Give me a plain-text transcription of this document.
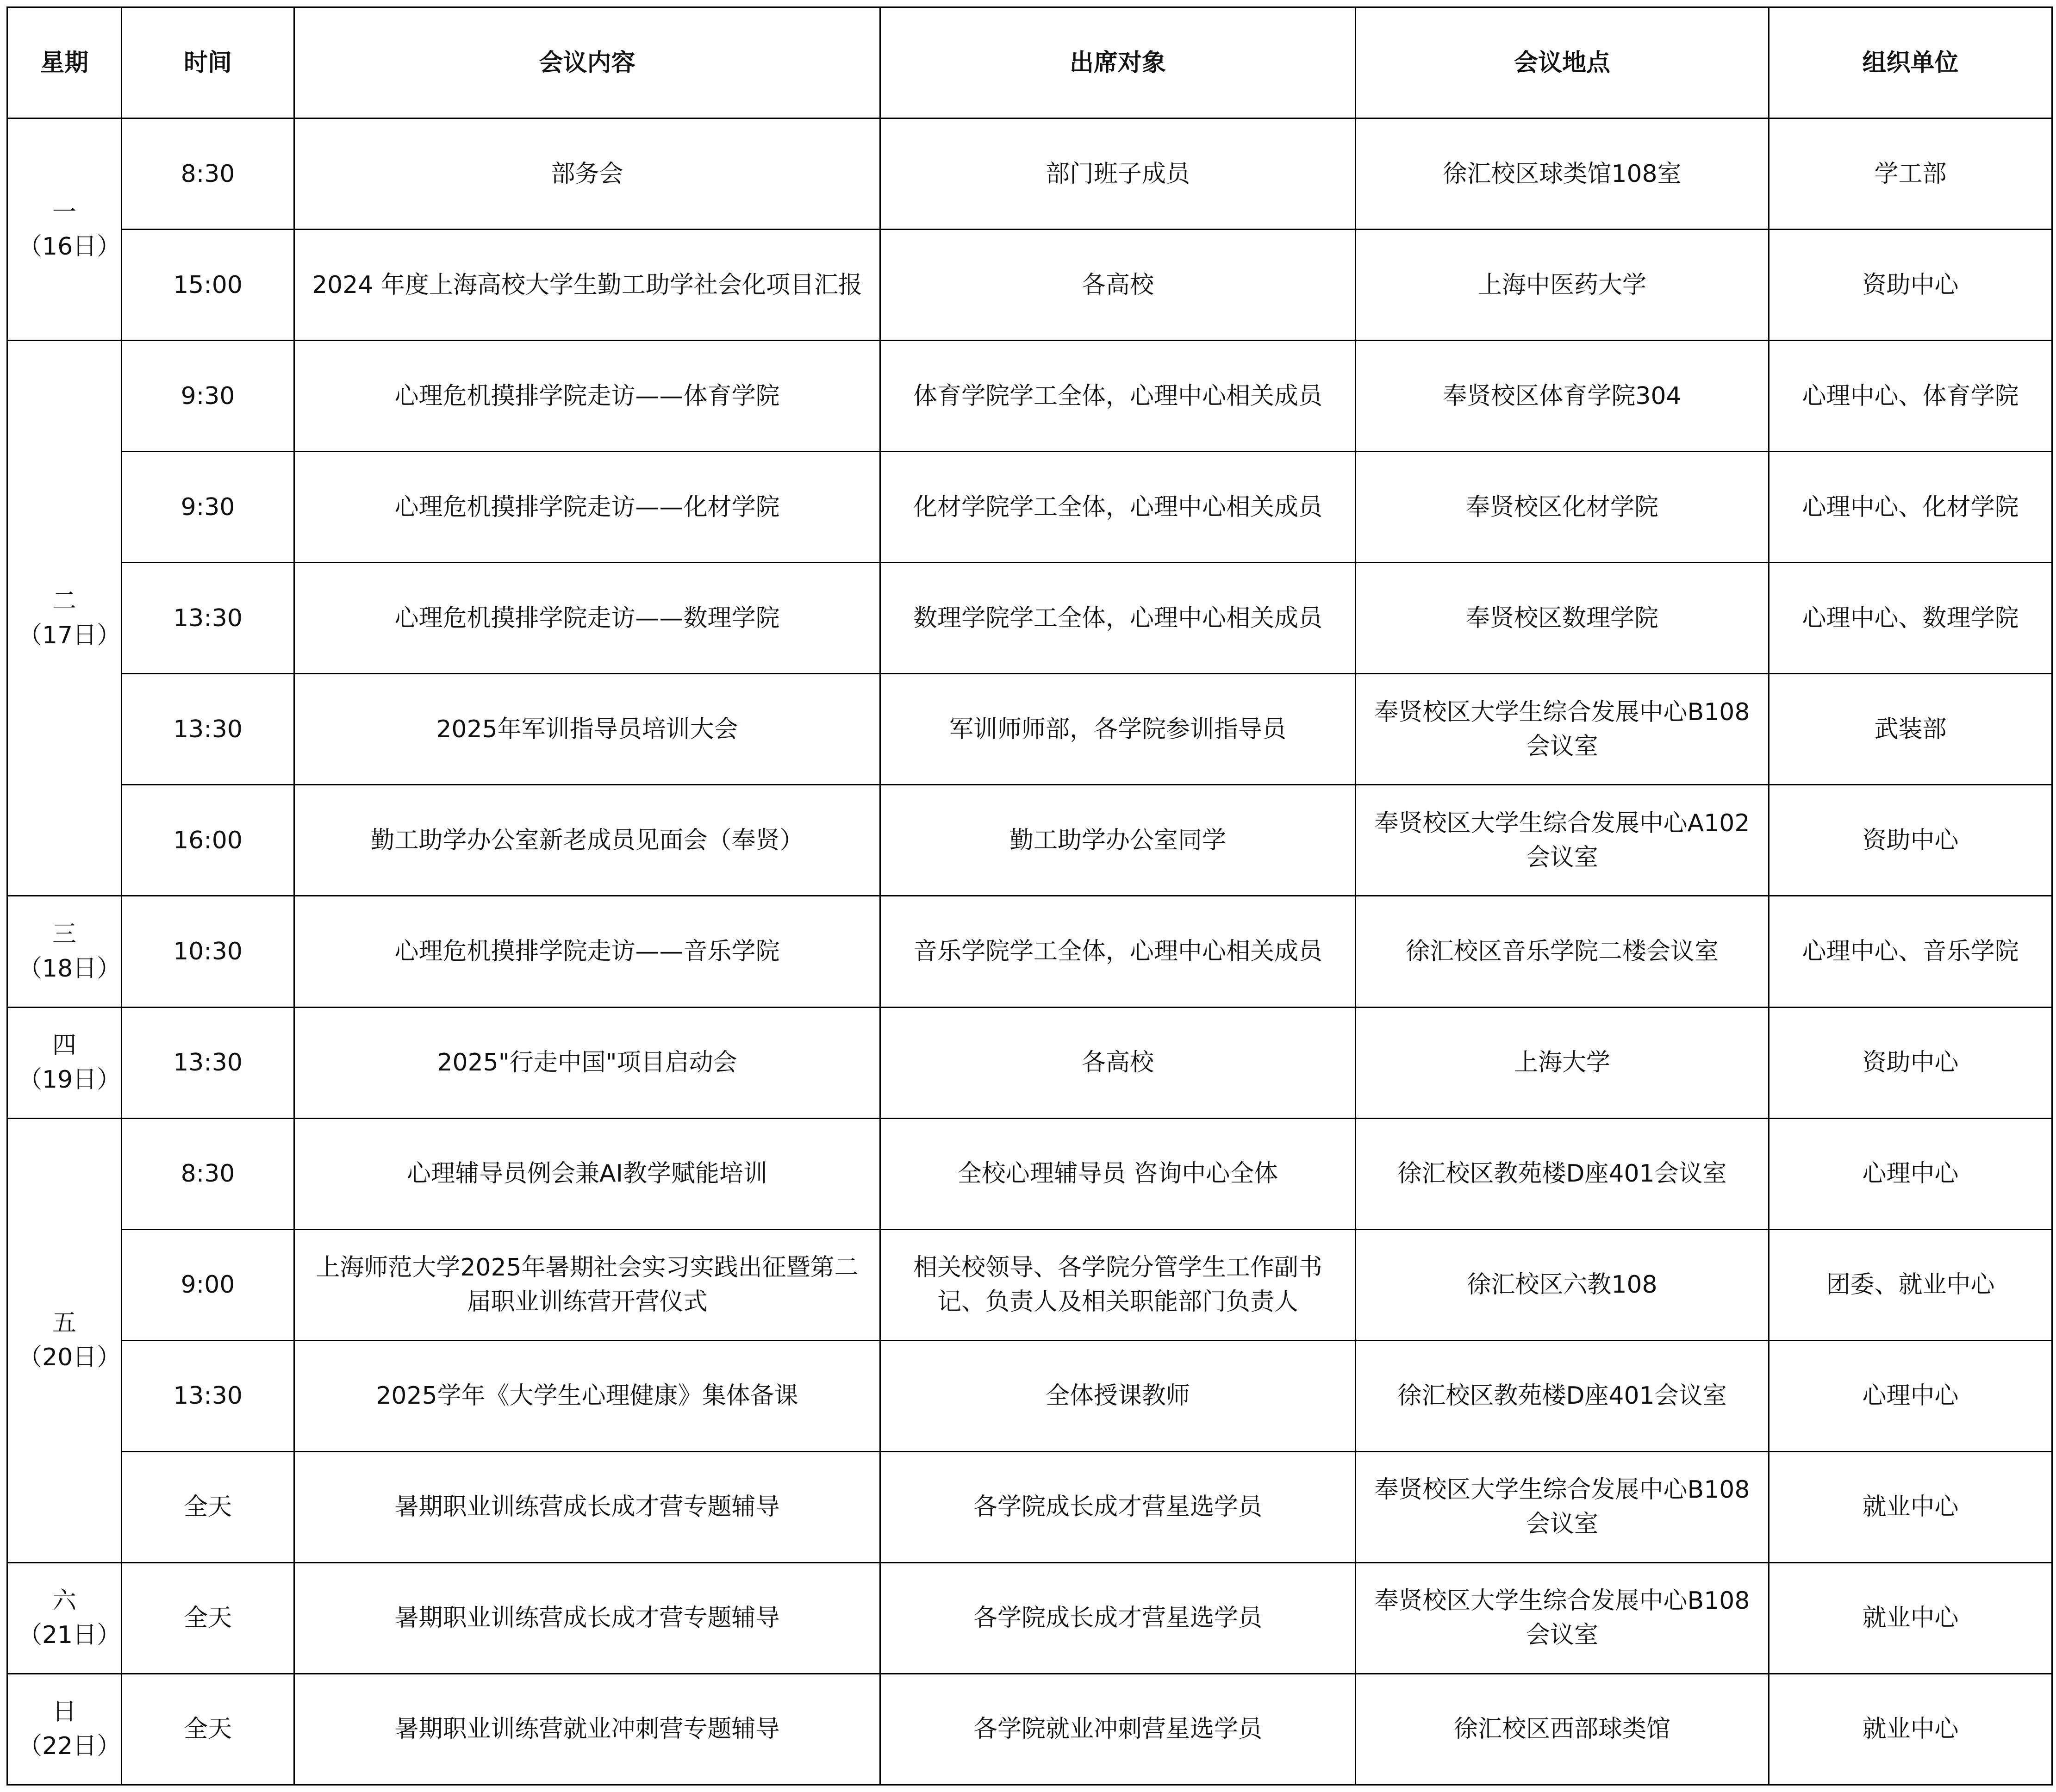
星期	时间	会议内容	出席对象	会议地点	组织单位

一
（16日）	8:30	部务会	部门班子成员	徐汇校区球类馆108室	学工部
	15:00	2024 年度上海高校大学生勤工助学社会化项目汇报	各高校	上海中医药大学	资助中心

二
（17日）	9:30	心理危机摸排学院走访——体育学院	体育学院学工全体，心理中心相关成员	奉贤校区体育学院304	心理中心、体育学院
	9:30	心理危机摸排学院走访——化材学院	化材学院学工全体，心理中心相关成员	奉贤校区化材学院	心理中心、化材学院
	13:30	心理危机摸排学院走访——数理学院	数理学院学工全体，心理中心相关成员	奉贤校区数理学院	心理中心、数理学院
	13:30	2025年军训指导员培训大会	军训师师部，各学院参训指导员	奉贤校区大学生综合发展中心B108会议室	武装部
	16:00	勤工助学办公室新老成员见面会（奉贤）	勤工助学办公室同学	奉贤校区大学生综合发展中心A102会议室	资助中心

三
（18日）	10:30	心理危机摸排学院走访——音乐学院	音乐学院学工全体，心理中心相关成员	徐汇校区音乐学院二楼会议室	心理中心、音乐学院

四
（19日）	13:30	2025"行走中国"项目启动会	各高校	上海大学	资助中心

五
（20日）	8:30	心理辅导员例会兼AI教学赋能培训	全校心理辅导员 咨询中心全体	徐汇校区教苑楼D座401会议室	心理中心
	9:00	上海师范大学2025年暑期社会实习实践出征暨第二届职业训练营开营仪式	相关校领导、各学院分管学生工作副书记、负责人及相关职能部门负责人	徐汇校区六教108	团委、就业中心
	13:30	2025学年《大学生心理健康》集体备课	全体授课教师	徐汇校区教苑楼D座401会议室	心理中心
	全天	暑期职业训练营成长成才营专题辅导	各学院成长成才营星选学员	奉贤校区大学生综合发展中心B108会议室	就业中心

六
（21日）	全天	暑期职业训练营成长成才营专题辅导	各学院成长成才营星选学员	奉贤校区大学生综合发展中心B108会议室	就业中心

日
（22日）	全天	暑期职业训练营就业冲刺营专题辅导	各学院就业冲刺营星选学员	徐汇校区西部球类馆	就业中心
